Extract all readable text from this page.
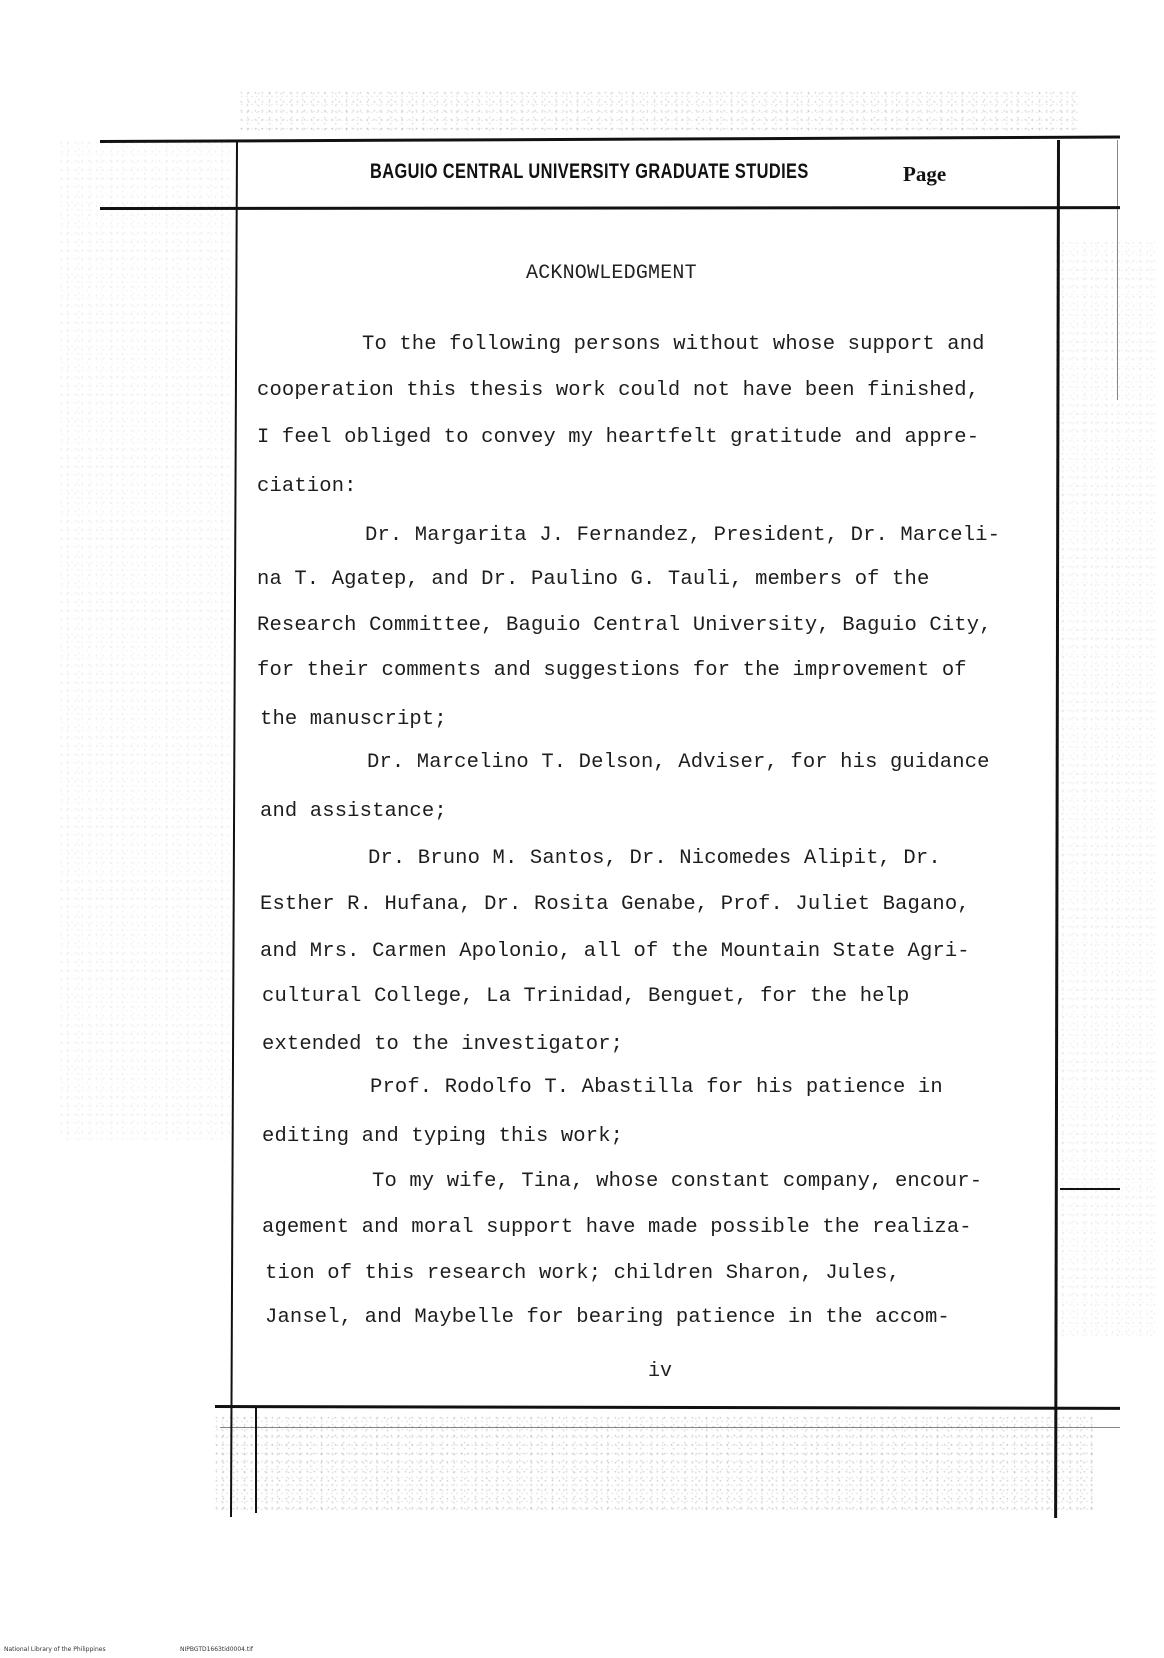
BAGUIO CENTRAL UNIVERSITY GRADUATE STUDIES	Page
ACKNOWLEDGMENT
To the following persons without whose support and
cooperation this thesis work could not have been finished,
I feel obliged to convey my heartfelt gratitude and appre-
ciation:
Dr. Margarita J. Fernandez, President, Dr. Marceli-
na T. Agatep, and Dr. Paulino G. Tauli, members of the
Research Committee, Baguio Central University, Baguio City,
for their comments and suggestions for the improvement of
the manuscript;
Dr. Marcelino T. Delson, Adviser, for his guidance
and assistance;
Dr. Bruno M. Santos, Dr. Nicomedes Alipit, Dr.
Esther R. Hufana, Dr. Rosita Genabe, Prof. Juliet Bagano,
and Mrs. Carmen Apolonio, all of the Mountain State Agri-
cultural College, La Trinidad, Benguet, for the help
extended to the investigator;
Prof. Rodolfo T. Abastilla for his patience in
editing and typing this work;
To my wife, Tina, whose constant company, encour-
agement and moral support have made possible the realiza-
tion of this research work; children Sharon, Jules,
Jansel, and Maybelle for bearing patience in the accom-
iv
National Library of the Philippines	NIPBGTD1663tid0004.tif
